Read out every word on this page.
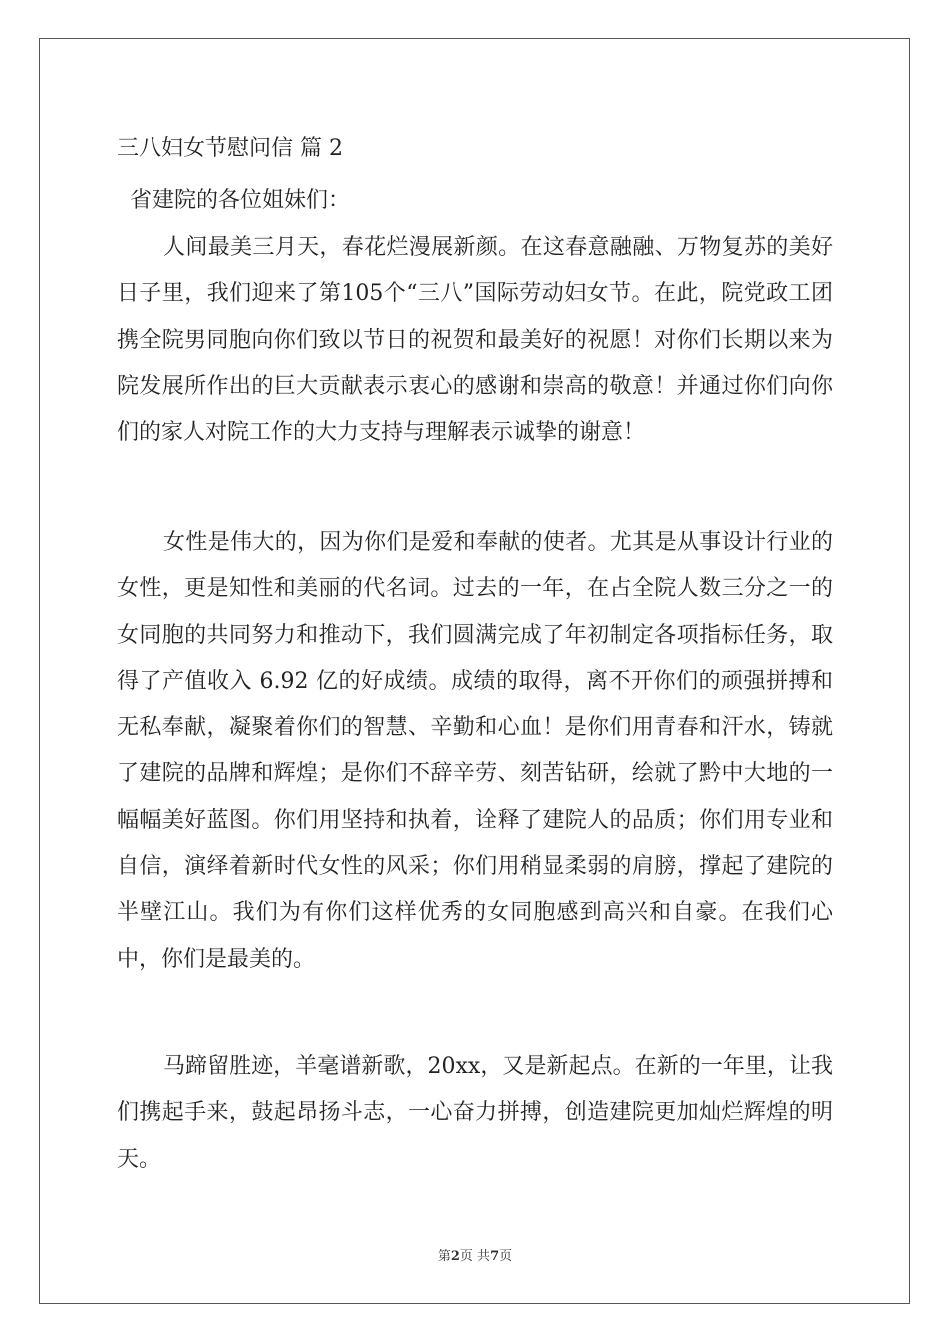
三八妇女节慰问信 篇 2
省建院的各位姐妹们：

人间最美三月天，春花烂漫展新颜。在这春意融融、万物复苏的美好日子里，我们迎来了第105个“三八”国际劳动妇女节。在此，院党政工团携全院男同胞向你们致以节日的祝贺和最美好的祝愿！对你们长期以来为院发展所作出的巨大贡献表示衷心的感谢和崇高的敬意！并通过你们向你们的家人对院工作的大力支持与理解表示诚挚的谢意！

女性是伟大的，因为你们是爱和奉献的使者。尤其是从事设计行业的女性，更是知性和美丽的代名词。过去的一年，在占全院人数三分之一的女同胞的共同努力和推动下，我们圆满完成了年初制定各项指标任务，取得了产值收入 6.92 亿的好成绩。成绩的取得，离不开你们的顽强拼搏和无私奉献，凝聚着你们的智慧、辛勤和心血！是你们用青春和汗水，铸就了建院的品牌和辉煌；是你们不辞辛劳、刻苦钻研，绘就了黔中大地的一幅幅美好蓝图。你们用坚持和执着，诠释了建院人的品质；你们用专业和自信，演绎着新时代女性的风采；你们用稍显柔弱的肩膀，撑起了建院的半壁江山。我们为有你们这样优秀的女同胞感到高兴和自豪。在我们心中，你们是最美的。

马蹄留胜迹，羊毫谱新歌，20xx，又是新起点。在新的一年里，让我们携起手来，鼓起昂扬斗志，一心奋力拼搏，创造建院更加灿烂辉煌的明天。

第2页 共7页
